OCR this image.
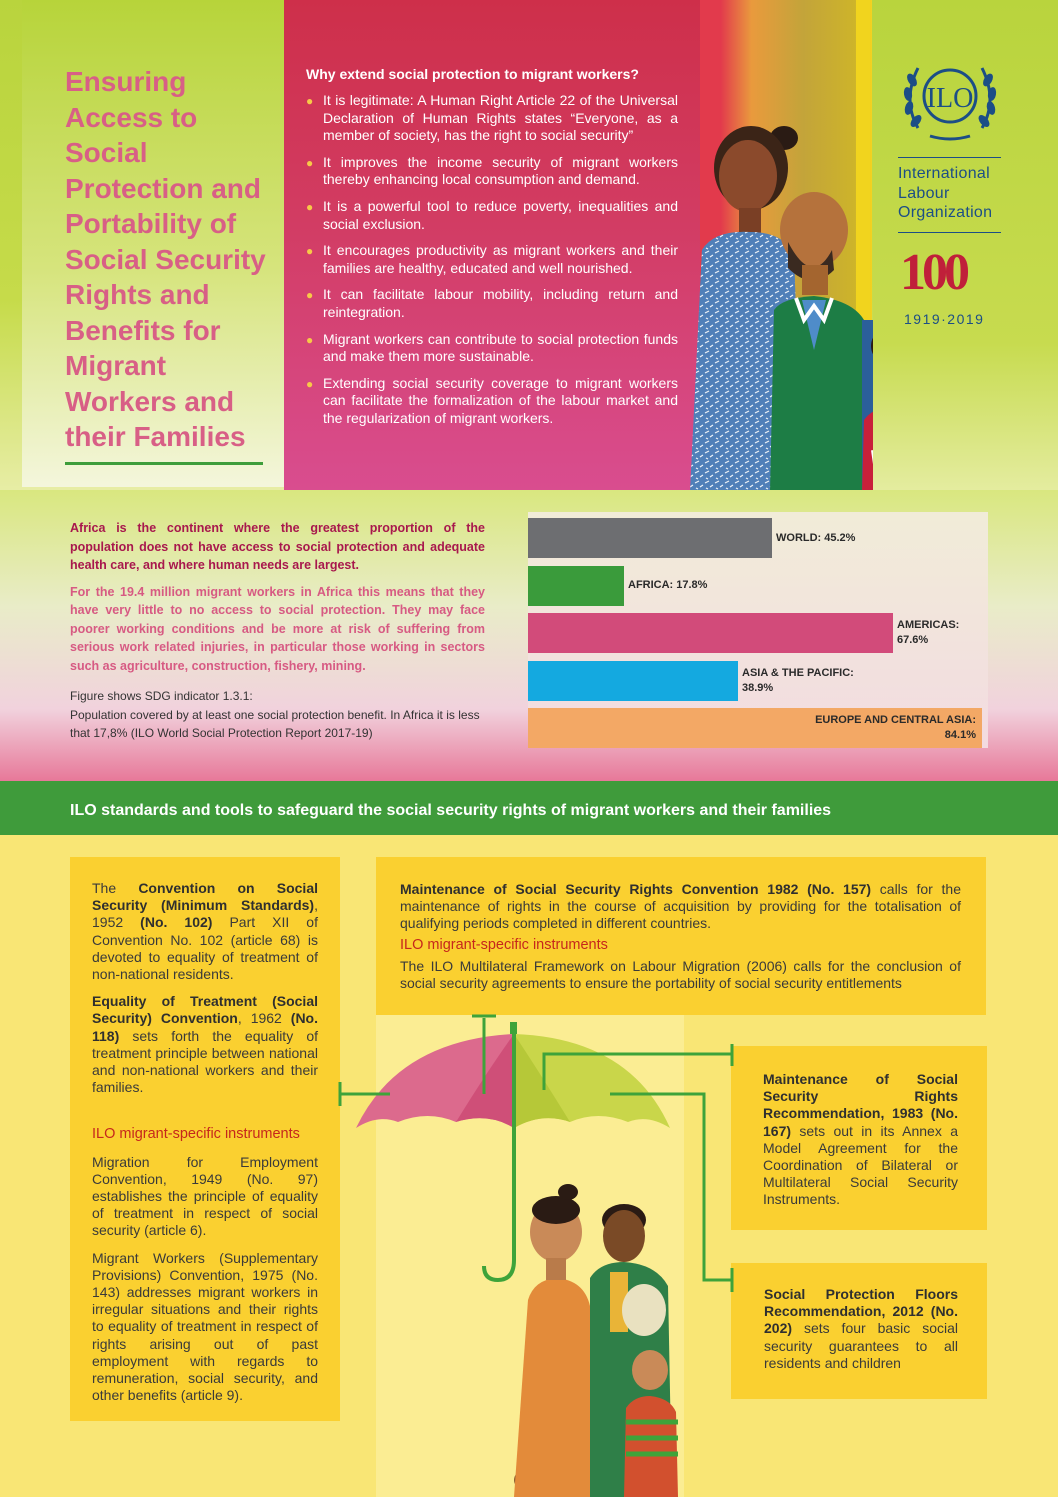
Ensuring Access to Social Protection and Portability of Social Security Rights and Benefits for Migrant Workers and their Families
Why extend social protection to migrant workers?
● It is legitimate: A Human Right Article 22 of the Universal Declaration of Human Rights states “Everyone, as a member of society, has the right to social security”
● It improves the income security of migrant workers thereby enhancing local consumption and demand.
● It is a powerful tool to reduce poverty, inequalities and social exclusion.
● It encourages productivity as migrant workers and their families are healthy, educated and well nourished.
● It can facilitate labour mobility, including return and reintegration.
● Migrant workers can contribute to social protection funds and make them more sustainable.
● Extending social security coverage to migrant workers can facilitate the formalization of the labour market and the regularization of migrant workers.
ILO
International
Labour
Organization
100
1919·2019

Africa is the continent where the greatest proportion of the population does not have access to social protection and adequate health care, and where human needs are largest.

For the 19.4 million migrant workers in Africa this means that they have very little to no access to social protection. They may face poorer working conditions and be more at risk of suffering from serious work related injuries, in particular those working in sectors such as agriculture, construction, fishery, mining.

Figure shows SDG indicator 1.3.1:
Population covered by at least one social protection benefit. In Africa it is less that 17,8% (ILO World Social Protection Report 2017-19)
WORLD: 45.2%
AFRICA: 17.8%
AMERICAS:
67.6%
ASIA & THE PACIFIC:
38.9%
EUROPE AND CENTRAL ASIA:
84.1%
ILO standards and tools to safeguard the social security rights of migrant workers and their families

The Convention on Social Security (Minimum Standards), 1952 (No. 102) Part XII of Convention No. 102 (article 68) is devoted to equality of treatment of non-national residents.

Equality of Treatment (Social Security) Convention, 1962 (No. 118) sets forth the equality of treatment principle between national and non-national workers and their families.

ILO migrant-specific instruments

Migration for Employment Convention, 1949 (No. 97) establishes the principle of equality of treatment in respect of social security (article 6).

Migrant Workers (Supplementary Provisions) Convention, 1975 (No. 143) addresses migrant workers in irregular situations and their rights to equality of treatment in respect of rights arising out of past employment with regards to remuneration, social security, and other benefits (article 9).

Maintenance of Social Security Rights Convention 1982 (No. 157) calls for the maintenance of rights in the course of acquisition by providing for the totalisation of qualifying periods completed in different countries.

ILO migrant-specific instruments

The ILO Multilateral Framework on Labour Migration (2006) calls for the conclusion of social security agreements to ensure the portability of social security entitlements

Maintenance of Social Security Rights Recommendation, 1983 (No. 167) sets out in its Annex a Model Agreement for the Coordination of Bilateral or Multilateral Social Security Instruments.
Social Protection Floors Recommendation, 2012 (No. 202) sets four basic social security guarantees to all residents and children
